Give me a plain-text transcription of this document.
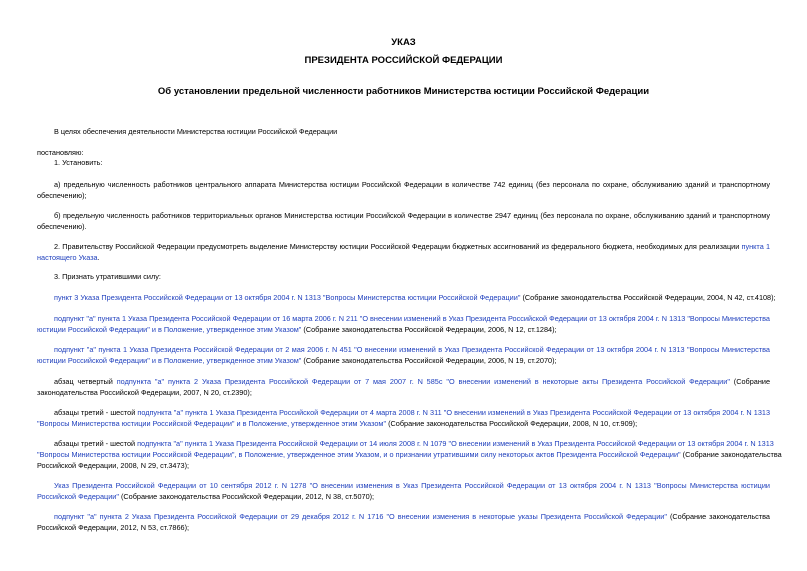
УКАЗ
ПРЕЗИДЕНТА РОССИЙСКОЙ ФЕДЕРАЦИИ
Об установлении предельной численности работников Министерства юстиции Российской Федерации
В целях обеспечения деятельности Министерства юстиции Российской Федерации
постановляю:
1. Установить:
а) предельную численность работников центрального аппарата Министерства юстиции Российской Федерации в количестве 742 единиц (без персонала по охране, обслуживанию зданий и транспортному
обеспечению);
б) предельную численность работников территориальных органов Министерства юстиции Российской Федерации в количестве 2947 единиц (без персонала по охране, обслуживанию зданий и транспортному
обеспечению).
2. Правительству Российской Федерации предусмотреть выделение Министерству юстиции Российской Федерации бюджетных ассигнований из федерального бюджета, необходимых для реализации пункта 1
настоящего Указа.
3. Признать утратившими силу:
пункт 3 Указа Президента Российской Федерации от 13 октября 2004 г. N 1313 "Вопросы Министерства юстиции Российской Федерации" (Собрание законодательства Российской Федерации, 2004, N 42, ст.4108);
подпункт "а" пункта 1 Указа Президента Российской Федерации от 16 марта 2006 г. N 211 "О внесении изменений в Указ Президента Российской Федерации от 13 октября 2004 г. N 1313 "Вопросы Министерства
юстиции Российской Федерации" и в Положение, утвержденное этим Указом" (Собрание законодательства Российской Федерации, 2006, N 12, ст.1284);
подпункт "а" пункта 1 Указа Президента Российской Федерации от 2 мая 2006 г. N 451 "О внесении изменений в Указ Президента Российской Федерации от 13 октября 2004 г. N 1313 "Вопросы Министерства
юстиции Российской Федерации" и в Положение, утвержденное этим Указом" (Собрание законодательства Российской Федерации, 2006, N 19, ст.2070);
абзац четвертый подпункта "а" пункта 2 Указа Президента Российской Федерации от 7 мая 2007 г. N 585с "О внесении изменений в некоторые акты Президента Российской Федерации" (Собрание
законодательства Российской Федерации, 2007, N 20, ст.2390);
абзацы третий - шестой подпункта "а" пункта 1 Указа Президента Российской Федерации от 4 марта 2008 г. N 311 "О внесении изменений в Указ Президента Российской Федерации от 13 октября 2004 г. N 1313
"Вопросы Министерства юстиции Российской Федерации" и в Положение, утвержденное этим Указом" (Собрание законодательства Российской Федерации, 2008, N 10, ст.909);
абзацы третий - шестой подпункта "а" пункта 1 Указа Президента Российской Федерации от 14 июля 2008 г. N 1079 "О внесении изменений в Указ Президента Российской Федерации от 13 октября 2004 г. N 1313
"Вопросы Министерства юстиции Российской Федерации", в Положение, утвержденное этим Указом, и о признании утратившими силу некоторых актов Президента Российской Федерации" (Собрание законодательства
Российской Федерации, 2008, N 29, ст.3473);
Указ Президента Российской Федерации от 10 сентября 2012 г. N 1278 "О внесении изменения в Указ Президента Российской Федерации от 13 октября 2004 г. N 1313 "Вопросы Министерства юстиции
Российской Федерации" (Собрание законодательства Российской Федерации, 2012, N 38, ст.5070);
подпункт "а" пункта 2 Указа Президента Российской Федерации от 29 декабря 2012 г. N 1716 "О внесении изменения в некоторые указы Президента Российской Федерации" (Собрание законодательства
Российской Федерации, 2012, N 53, ст.7866);
